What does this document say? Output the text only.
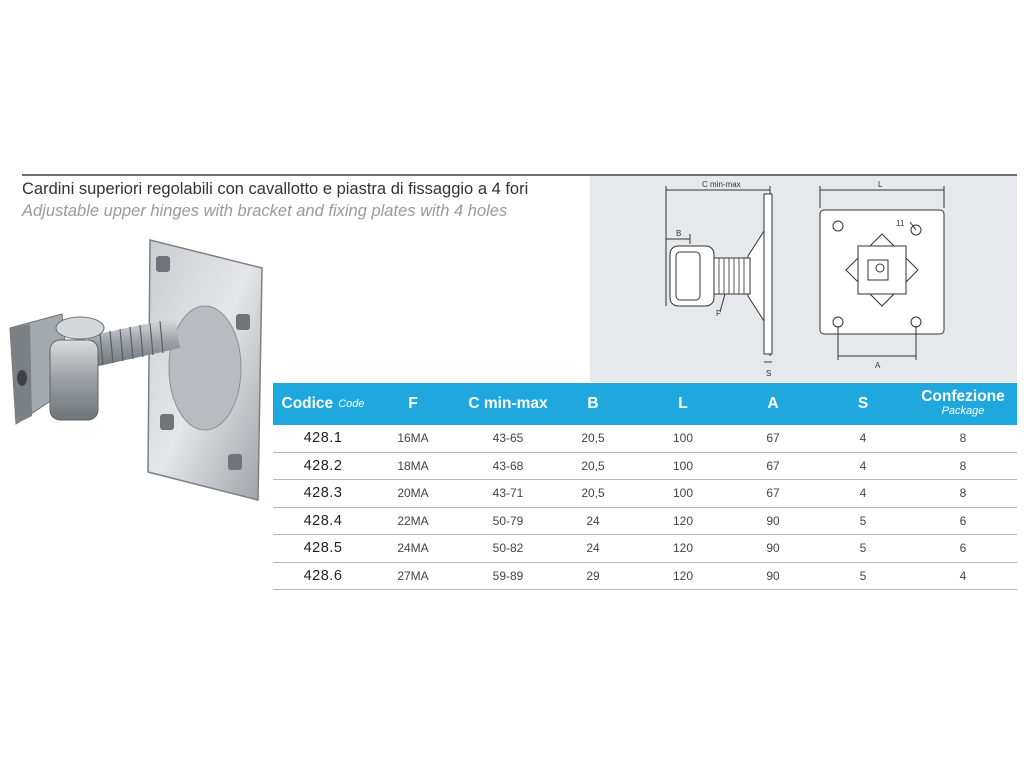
Cardini superiori regolabili con cavallotto e piastra di fissaggio a 4 fori
Adjustable upper hinges with bracket and fixing plates with 4 holes
C min-max
B
F
S
L
11
A
Codice Code	F	C min-max	B	L	A	S	Confezione
Package
428.1	16MA	43-65	20,5	100	67	4	8
428.2	18MA	43-68	20,5	100	67	4	8
428.3	20MA	43-71	20,5	100	67	4	8
428.4	22MA	50-79	24	120	90	5	6
428.5	24MA	50-82	24	120	90	5	6
428.6	27MA	59-89	29	120	90	5	4
